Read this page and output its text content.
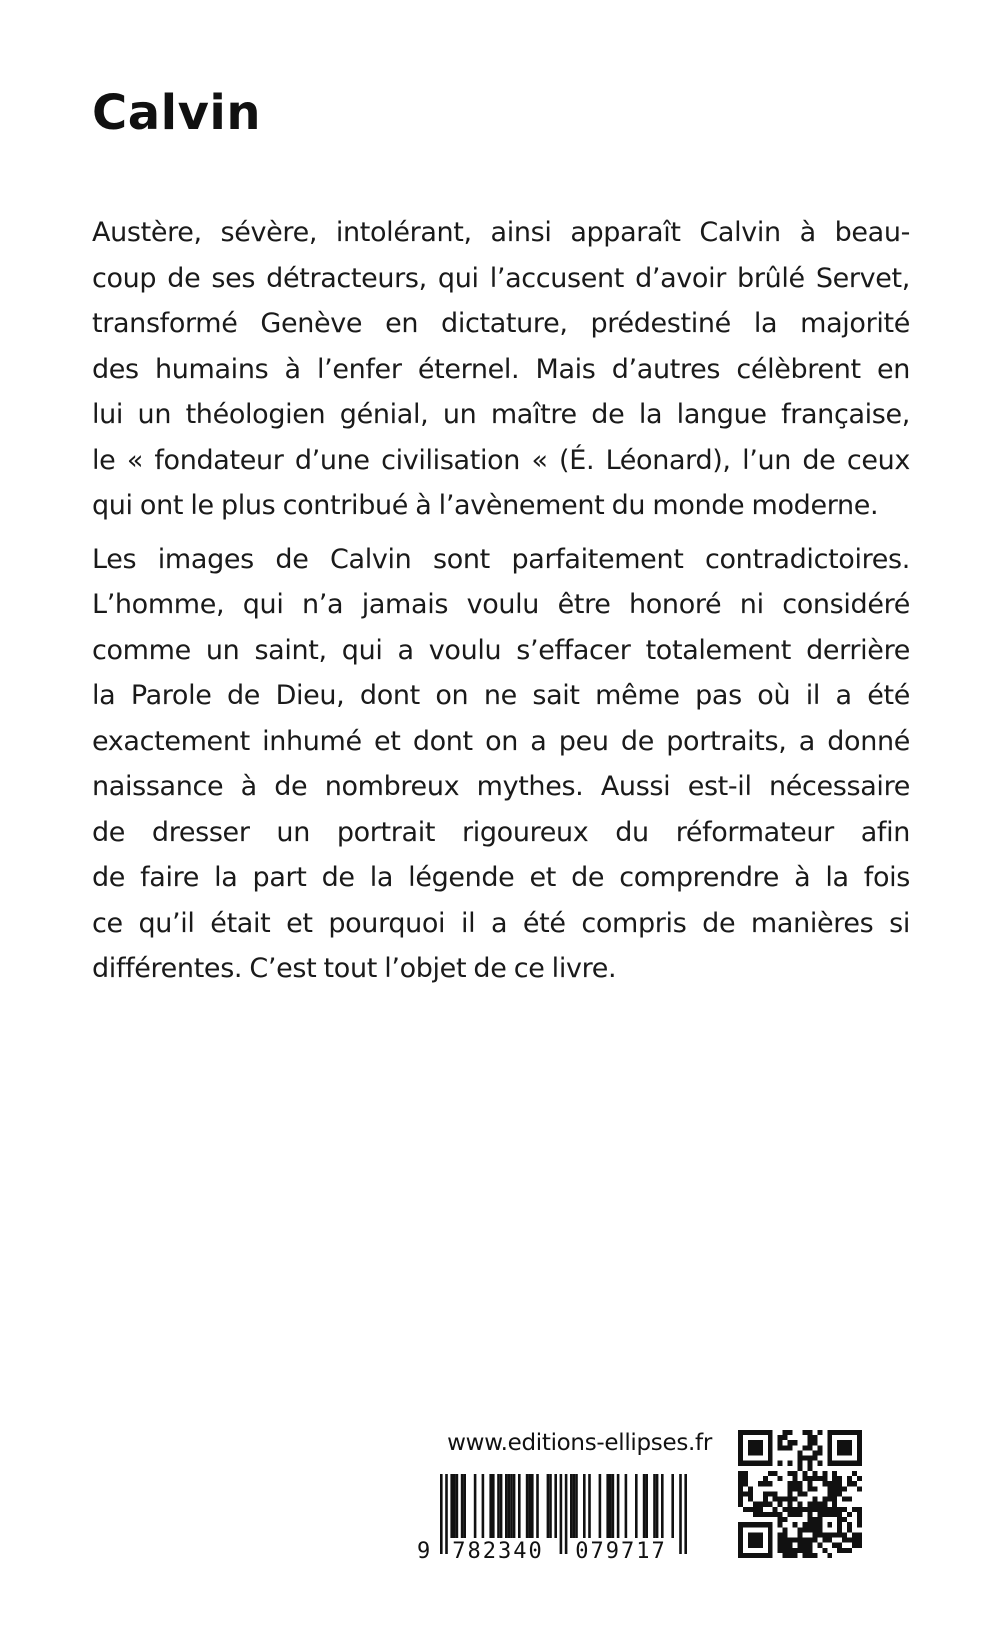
Calvin

Austère, sévère, intolérant, ainsi apparaît Calvin à beau-
coup de ses détracteurs, qui l’accusent d’avoir brûlé Servet,
transformé Genève en dictature, prédestiné la majorité
des humains à l’enfer éternel. Mais d’autres célèbrent en
lui un théologien génial, un maître de la langue française,
le « fondateur d’une civilisation « (É. Léonard), l’un de ceux
qui ont le plus contribué à l’avènement du monde moderne.

Les images de Calvin sont parfaitement contradictoires.
L’homme, qui n’a jamais voulu être honoré ni considéré
comme un saint, qui a voulu s’effacer totalement derrière
la Parole de Dieu, dont on ne sait même pas où il a été
exactement inhumé et dont on a peu de portraits, a donné
naissance à de nombreux mythes. Aussi est-il nécessaire
de dresser un portrait rigoureux du réformateur afin
de faire la part de la légende et de comprendre à la fois
ce qu’il était et pourquoi il a été compris de manières si
différentes. C’est tout l’objet de ce livre.

www.editions-ellipses.fr
9 782340 079717
